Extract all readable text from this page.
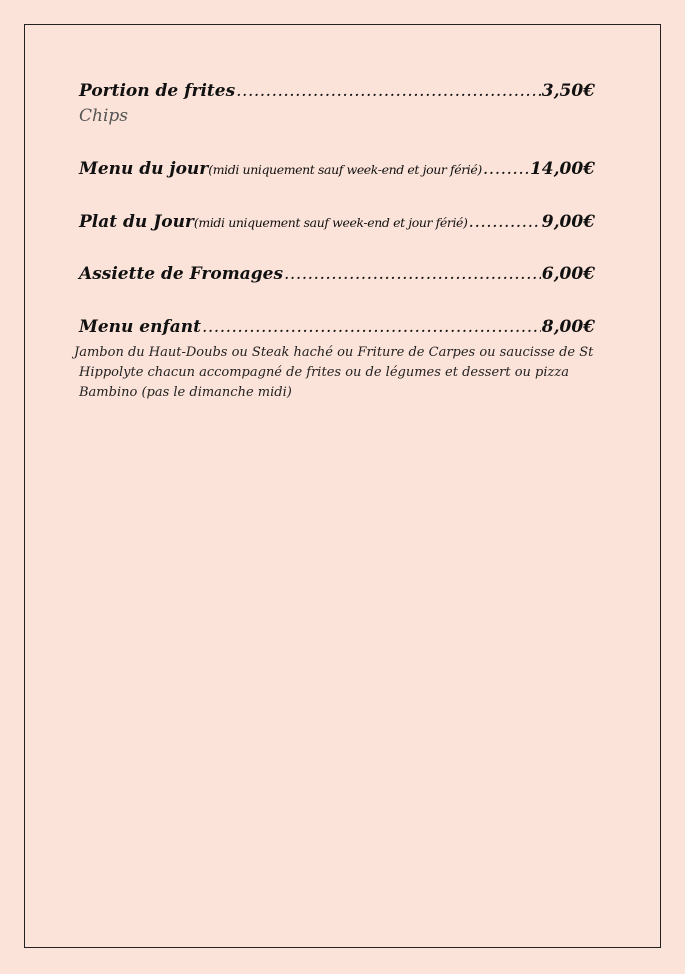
Portion de frites .....	3,50€
Chips
Menu du jour (midi uniquement sauf week-end et jour férié) .....	14,00€
Plat du Jour (midi uniquement sauf week-end et jour férié) .....	9,00€
Assiette de Fromages .....	6,00€
Menu enfant .....	8,00€
Jambon du Haut-Doubs ou Steak haché ou Friture de Carpes ou saucisse de St
Hippolyte chacun accompagné de frites ou de légumes et dessert ou pizza
Bambino (pas le dimanche midi)
